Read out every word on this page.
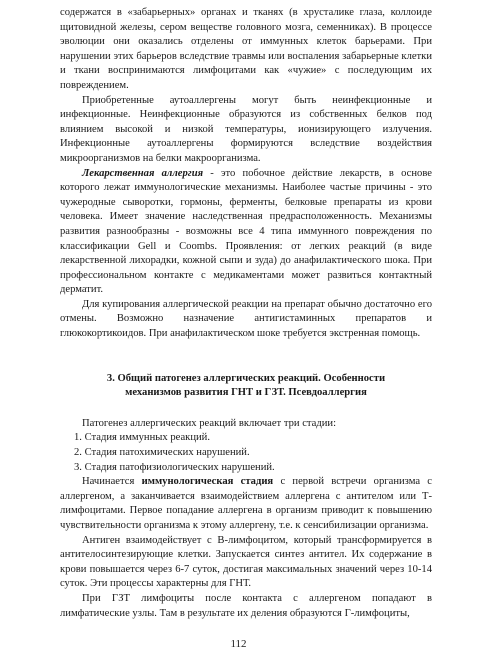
содержатся в «забарьерных» органах и тканях (в хрусталике глаза, коллоиде щитовидной железы, сером веществе головного мозга, семенниках). В процессе эволюции они оказались отделены от иммунных клеток барьерами. При нарушении этих барьеров вследствие травмы или воспаления забарьерные клетки и ткани воспринимаются лимфоцитами как «чужие» с последующим их повреждением.

Приобретенные аутоаллергены могут быть неинфекционные и инфекционные. Неинфекционные образуются из собственных белков под влиянием высокой и низкой температуры, ионизирующего излучения. Инфекционные аутоаллергены формируются вследствие воздействия микроорганизмов на белки макроорганизма.

Лекарственная аллергия - это побочное действие лекарств, в основе которого лежат иммунологические механизмы. Наиболее частые причины - это чужеродные сыворотки, гормоны, ферменты, белковые препараты из крови человека. Имеет значение наследственная предрасположенность. Механизмы развития разнообразны - возможны все 4 типа иммунного повреждения по классификации Gell и Coombs. Проявления: от легких реакций (в виде лекарственной лихорадки, кожной сыпи и зуда) до анафилактического шока. При профессиональном контакте с медикаментами может развиться контактный дерматит.

Для купирования аллергической реакции на препарат обычно достаточно его отмены. Возможно назначение антигистаминных препаратов и глюкокортикоидов. При анафилактическом шоке требуется экстренная помощь.

3. Общий патогенез аллергических реакций. Особенности
механизмов развития ГНТ и ГЗТ. Псевдоаллергия

Патогенез аллергических реакций включает три стадии:

1. Стадия иммунных реакций.

2. Стадия патохимических нарушений.

3. Стадия патофизиологических нарушений.

Начинается иммунологическая стадия с первой встречи организма с аллергеном, а заканчивается взаимодействием аллергена с антителом или Т-лимфоцитами. Первое попадание аллергена в организм приводит к повышению чувствительности организма к этому аллергену, т.е. к сенсибилизации организма.

Антиген взаимодействует с В-лимфоцитом, который трансформируется в антителосинтезирующие клетки. Запускается синтез антител. Их содержание в крови повышается через 6-7 суток, достигая максимальных значений через 10-14 суток. Эти процессы характерны для ГНТ.

При ГЗТ лимфоциты после контакта с аллергеном попадают в лимфатические узлы. Там в результате их деления образуются Г-лимфоциты,

112
